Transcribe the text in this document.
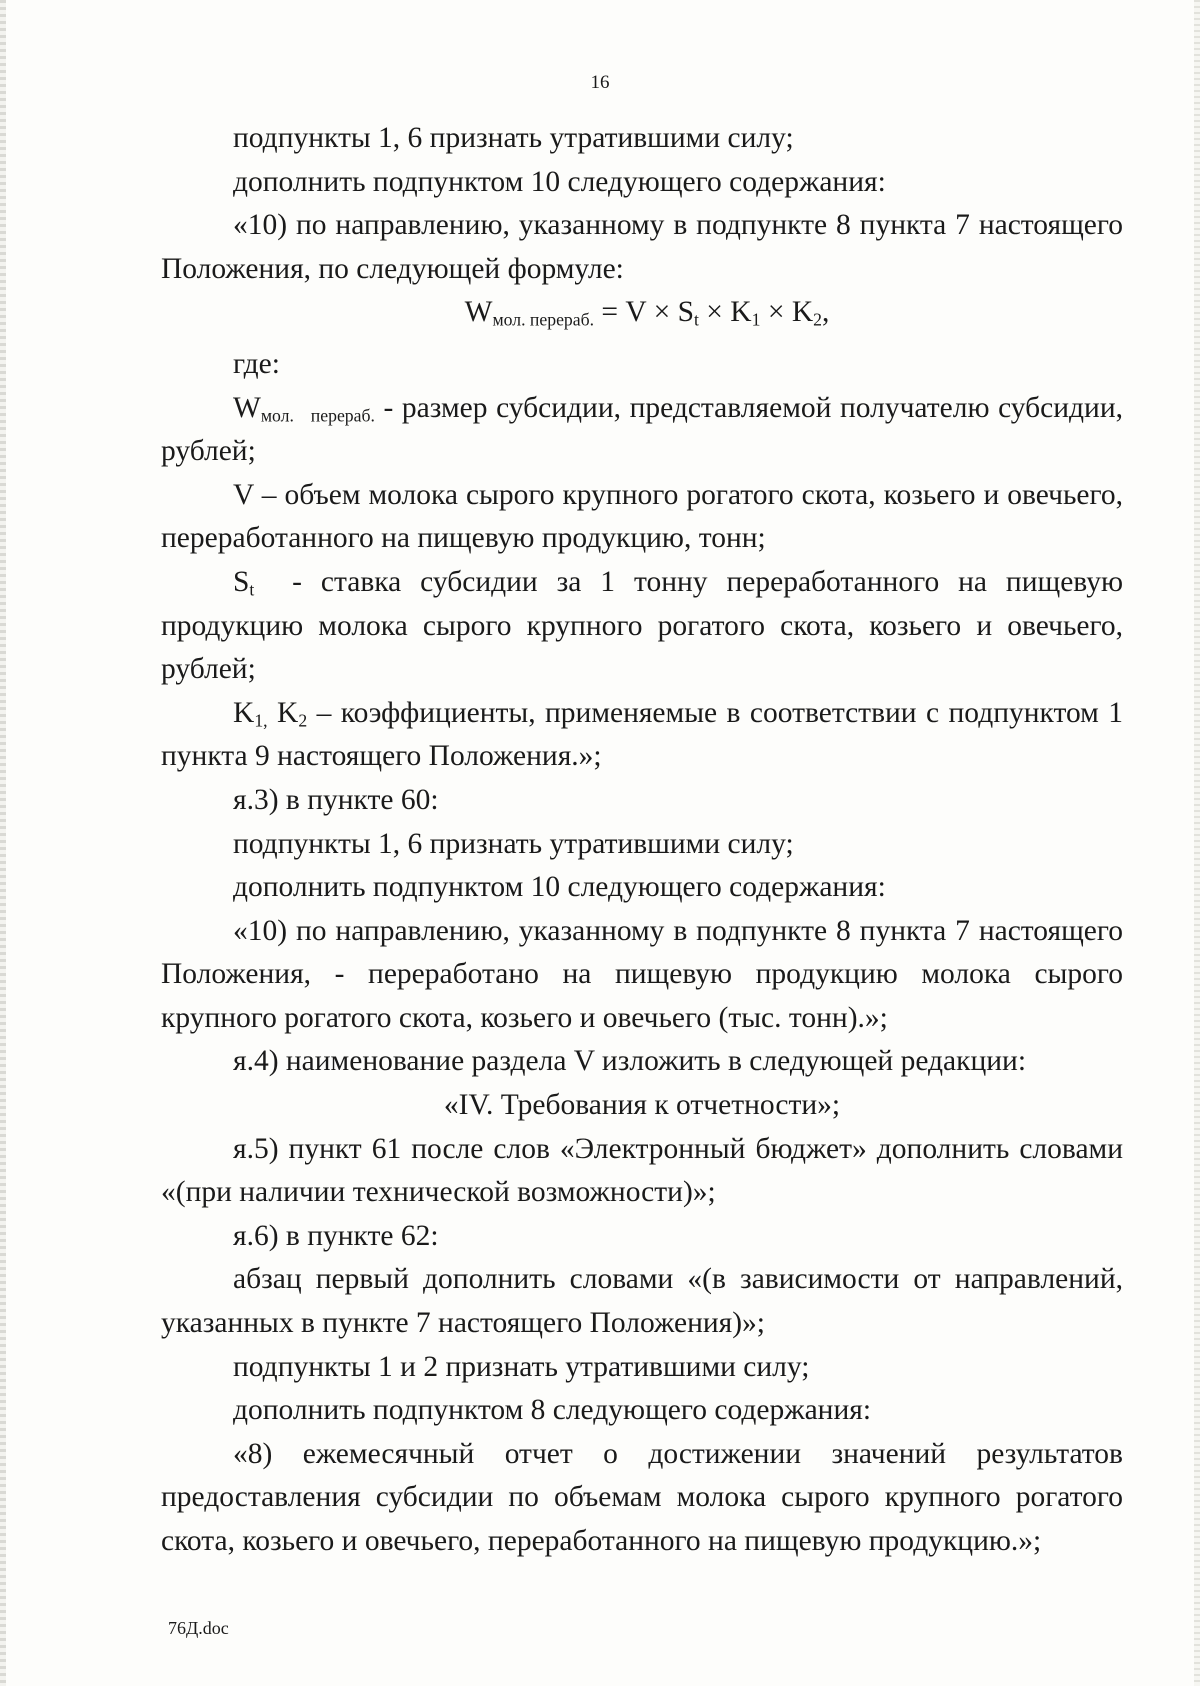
16

подпункты 1, 6 признать утратившими силу;

дополнить подпунктом 10 следующего содержания:

«10) по направлению, указанному в подпункте 8 пункта 7 настоящего Положения, по следующей формуле:

$W_{мол. перераб.} = V \times S_t \times K_1 \times K_2$,

где:

$W_{мол. перераб.}$ - размер субсидии, представляемой получателю субсидии, рублей;

V – объем молока сырого крупного рогатого скота, козьего и овечьего, переработанного на пищевую продукцию, тонн;

$S_t$  - ставка субсидии за 1 тонну переработанного на пищевую продукцию молока сырого крупного рогатого скота, козьего и овечьего, рублей;

$K_{1,}$ $K_2$ – коэффициенты, применяемые в соответствии с подпунктом 1 пункта 9 настоящего Положения.»;

я.3) в пункте 60:

подпункты 1, 6 признать утратившими силу;

дополнить подпунктом 10 следующего содержания:

«10) по направлению, указанному в подпункте 8 пункта 7 настоящего Положения, - переработано на пищевую продукцию молока сырого крупного рогатого скота, козьего и овечьего (тыс. тонн).»;

я.4) наименование раздела V изложить в следующей редакции:

«IV. Требования к отчетности»;

я.5) пункт 61 после слов «Электронный бюджет» дополнить словами «(при наличии технической возможности)»;

я.6) в пункте 62:

абзац первый дополнить словами «(в зависимости от направлений, указанных в пункте 7 настоящего Положения)»;

подпункты 1 и 2 признать утратившими силу;

дополнить подпунктом 8 следующего содержания:

«8) ежемесячный отчет о достижении значений результатов предоставления субсидии по объемам молока сырого крупного рогатого скота, козьего и овечьего, переработанного на пищевую продукцию.»;

76Д.doc
